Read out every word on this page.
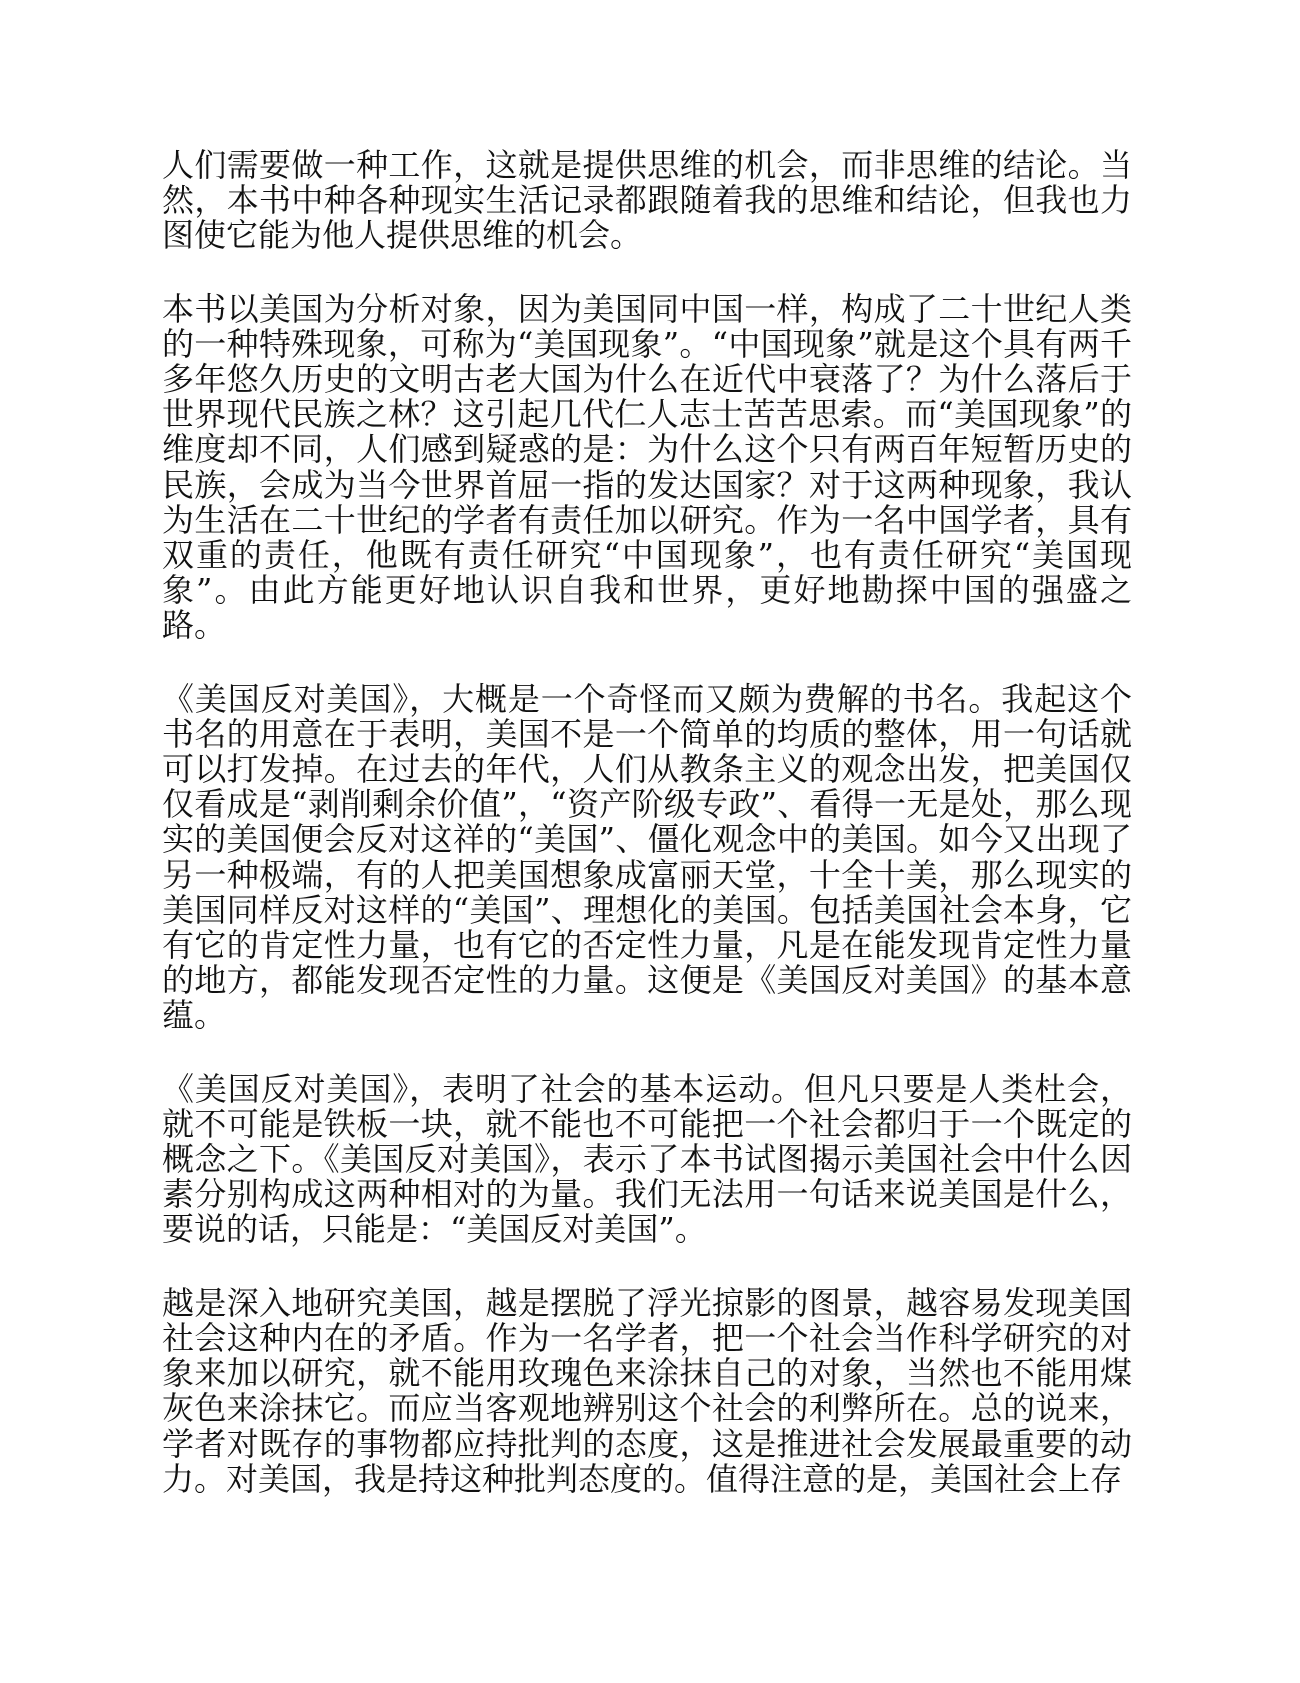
人们需要做一种工作，这就是提供思维的机会，而非思维的结论。当然，本书中种各种现实生活记录都跟随着我的思维和结论，但我也力图使它能为他人提供思维的机会。

本书以美国为分析对象，因为美国同中国一样，构成了二十世纪人类的一种特殊现象，可称为“美国现象”。“中国现象”就是这个具有两千多年悠久历史的文明古老大国为什么在近代中衰落了？为什么落后于世界现代民族之林？这引起几代仁人志士苦苦思索。而“美国现象”的维度却不同，人们感到疑惑的是：为什么这个只有两百年短暂历史的民族，会成为当今世界首屈一指的发达国家？对于这两种现象，我认为生活在二十世纪的学者有责任加以研究。作为一名中国学者，具有双重的责任，他既有责任研究“中国现象”，也有责任研究“美国现象”。由此方能更好地认识自我和世界，更好地勘探中国的强盛之路。

《美国反对美国》，大概是一个奇怪而又颇为费解的书名。我起这个书名的用意在于表明，美国不是一个简单的均质的整体，用一句话就可以打发掉。在过去的年代，人们从教条主义的观念出发，把美国仅仅看成是“剥削剩余价值”，“资产阶级专政”、看得一无是处，那么现实的美国便会反对这祥的“美国”、僵化观念中的美国。如今又出现了另一种极端，有的人把美国想象成富丽天堂，十全十美，那么现实的美国同样反对这样的“美国”、理想化的美国。包括美国社会本身，它有它的肯定性力量，也有它的否定性力量，凡是在能发现肯定性力量的地方，都能发现否定性的力量。这便是《美国反对美国》的基本意蕴。

《美国反对美国》，表明了社会的基本运动。但凡只要是人类杜会，就不可能是铁板一块，就不能也不可能把一个社会都归于一个既定的概念之下。《美国反对美国》，表示了本书试图揭示美国社会中什么因素分别构成这两种相对的为量。我们无法用一句话来说美国是什么，要说的话，只能是：“美国反对美国”。

越是深入地研究美国，越是摆脱了浮光掠影的图景，越容易发现美国社会这种内在的矛盾。作为一名学者，把一个社会当作科学研究的对象来加以研究，就不能用玫瑰色来涂抹自己的对象，当然也不能用煤灰色来涂抹它。而应当客观地辨别这个社会的利弊所在。总的说来，学者对既存的事物都应持批判的态度，这是推进社会发展最重要的动力。对美国，我是持这种批判态度的。值得注意的是，美国社会上存
